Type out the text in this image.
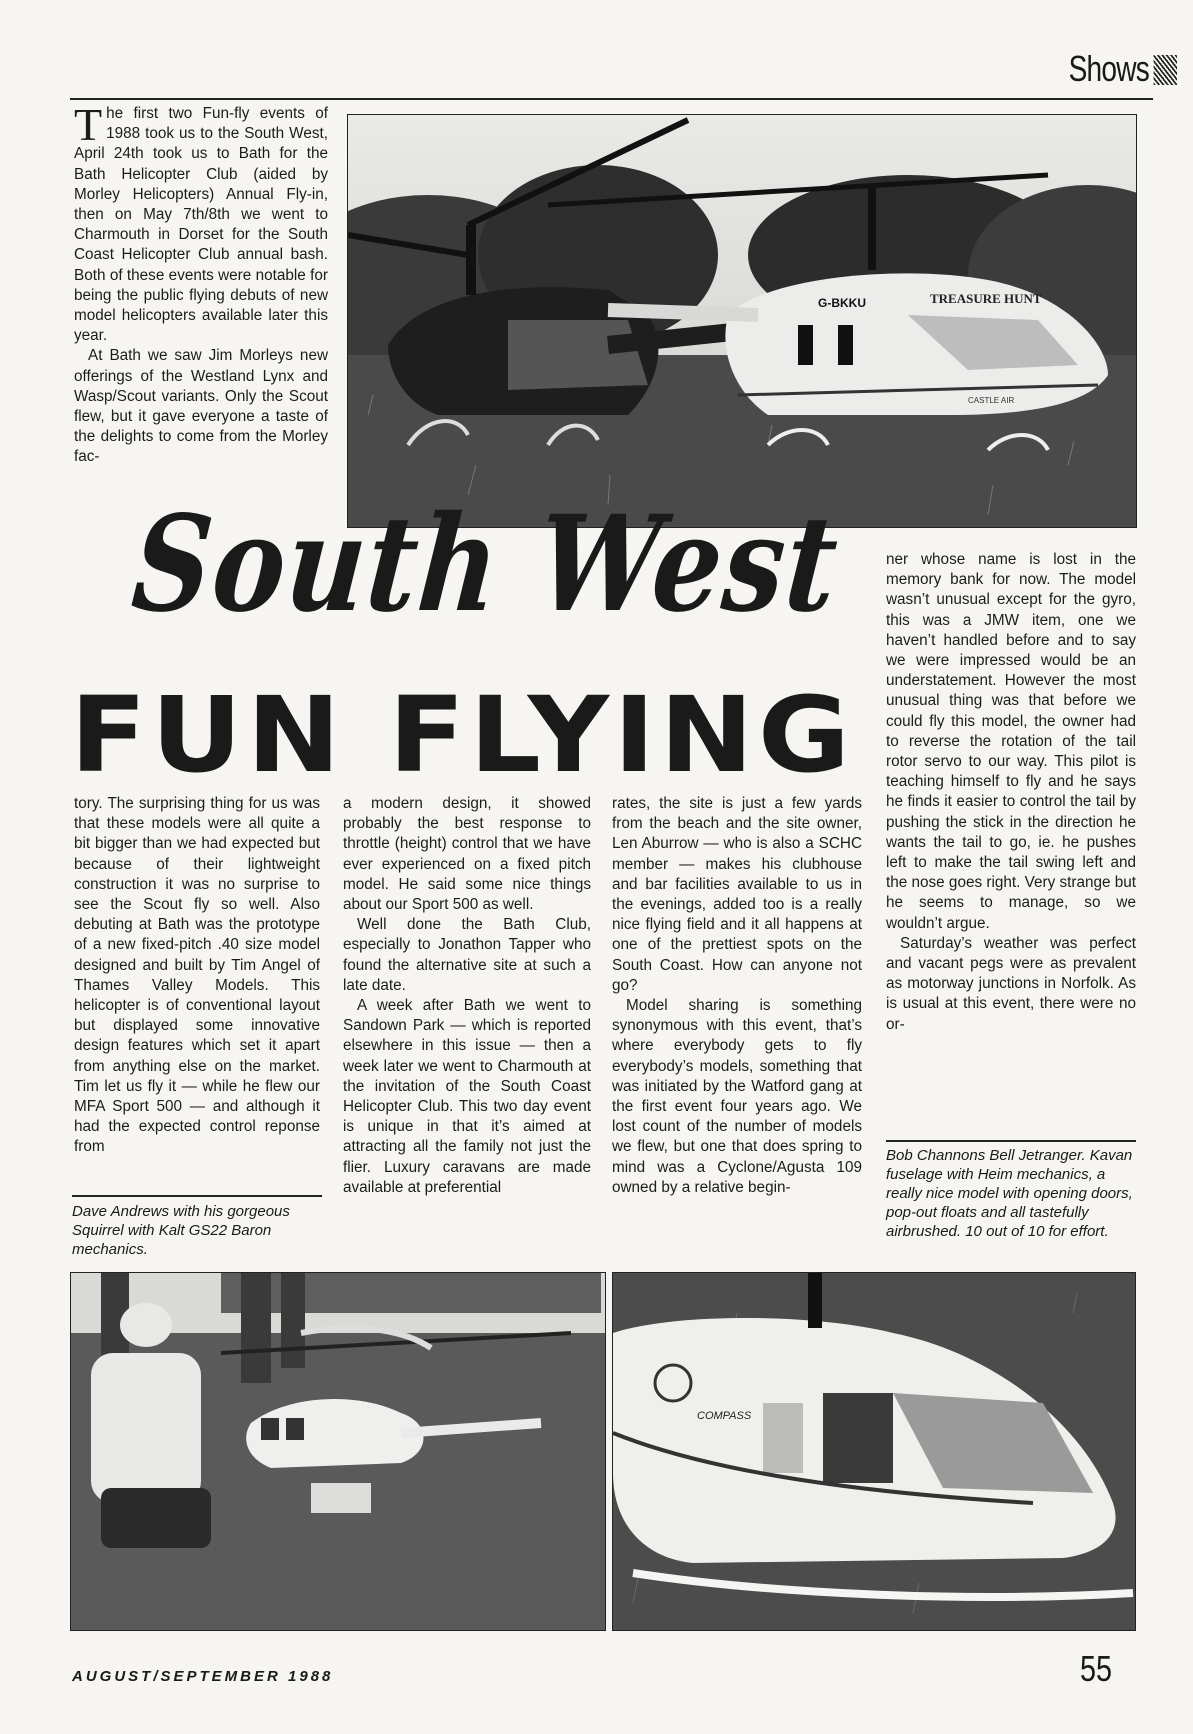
Shows

The first two Fun-fly events of 1988 took us to the South West, April 24th took us to Bath for the Bath Helicopter Club (aided by Morley Helicopters) Annual Fly-in, then on May 7th/8th we went to Charmouth in Dorset for the South Coast Helicopter Club annual bash. Both of these events were notable for being the public flying debuts of new model helicopters available later this year.

At Bath we saw Jim Morleys new offerings of the Westland Lynx and Wasp/Scout variants. Only the Scout flew, but it gave everyone a taste of the delights to come from the Morley fac-

G-BKKU	TREASURE HUNT
CASTLE AIR
South West
FUN FLYING

ner whose name is lost in the memory bank for now. The model wasn’t unusual except for the gyro, this was a JMW item, one we haven’t handled before and to say we were impressed would be an understatement. However the most unusual thing was that before we could fly this model, the owner had to reverse the rotation of the tail rotor servo to our way. This pilot is teaching himself to fly and he says he finds it easier to control the tail by pushing the stick in the direction he wants the tail to go, ie. he pushes left to make the tail swing left and the nose goes right. Very strange but he seems to manage, so we wouldn’t argue.

Saturday’s weather was perfect and vacant pegs were as prevalent as motorway junctions in Norfolk. As is usual at this event, there were no or-

tory. The surprising thing for us was that these models were all quite a bit bigger than we had expected but because of their lightweight construction it was no surprise to see the Scout fly so well. Also debuting at Bath was the prototype of a new fixed-pitch .40 size model designed and built by Tim Angel of Thames Valley Models. This helicopter is of conventional layout but displayed some innovative design features which set it apart from anything else on the market. Tim let us fly it — while he flew our MFA Sport 500 — and although it had the expected control reponse from

a modern design, it showed probably the best response to throttle (height) control that we have ever experienced on a fixed pitch model. He said some nice things about our Sport 500 as well.

Well done the Bath Club, especially to Jonathon Tapper who found the alternative site at such a late date.

A week after Bath we went to Sandown Park — which is reported elsewhere in this issue — then a week later we went to Charmouth at the invitation of the South Coast Helicopter Club. This two day event is unique in that it’s aimed at attracting all the family not just the flier. Luxury caravans are made available at preferential

rates, the site is just a few yards from the beach and the site owner, Len Aburrow — who is also a SCHC member — makes his clubhouse and bar facilities available to us in the evenings, added too is a really nice flying field and it all happens at one of the prettiest spots on the South Coast. How can anyone not go?

Model sharing is something synonymous with this event, that’s where everybody gets to fly everybody’s models, something that was initiated by the Watford gang at the first event four years ago. We lost count of the number of models we flew, but one that does spring to mind was a Cyclone/Agusta 109 owned by a relative begin-

Dave Andrews with his gorgeous Squirrel with Kalt GS22 Baron mechanics.

Bob Channons Bell Jetranger. Kavan fuselage with Heim mechanics, a really nice model with opening doors, pop-out floats and all tastefully airbrushed. 10 out of 10 for effort.

COMPASS
AUGUST/SEPTEMBER 1988	55
